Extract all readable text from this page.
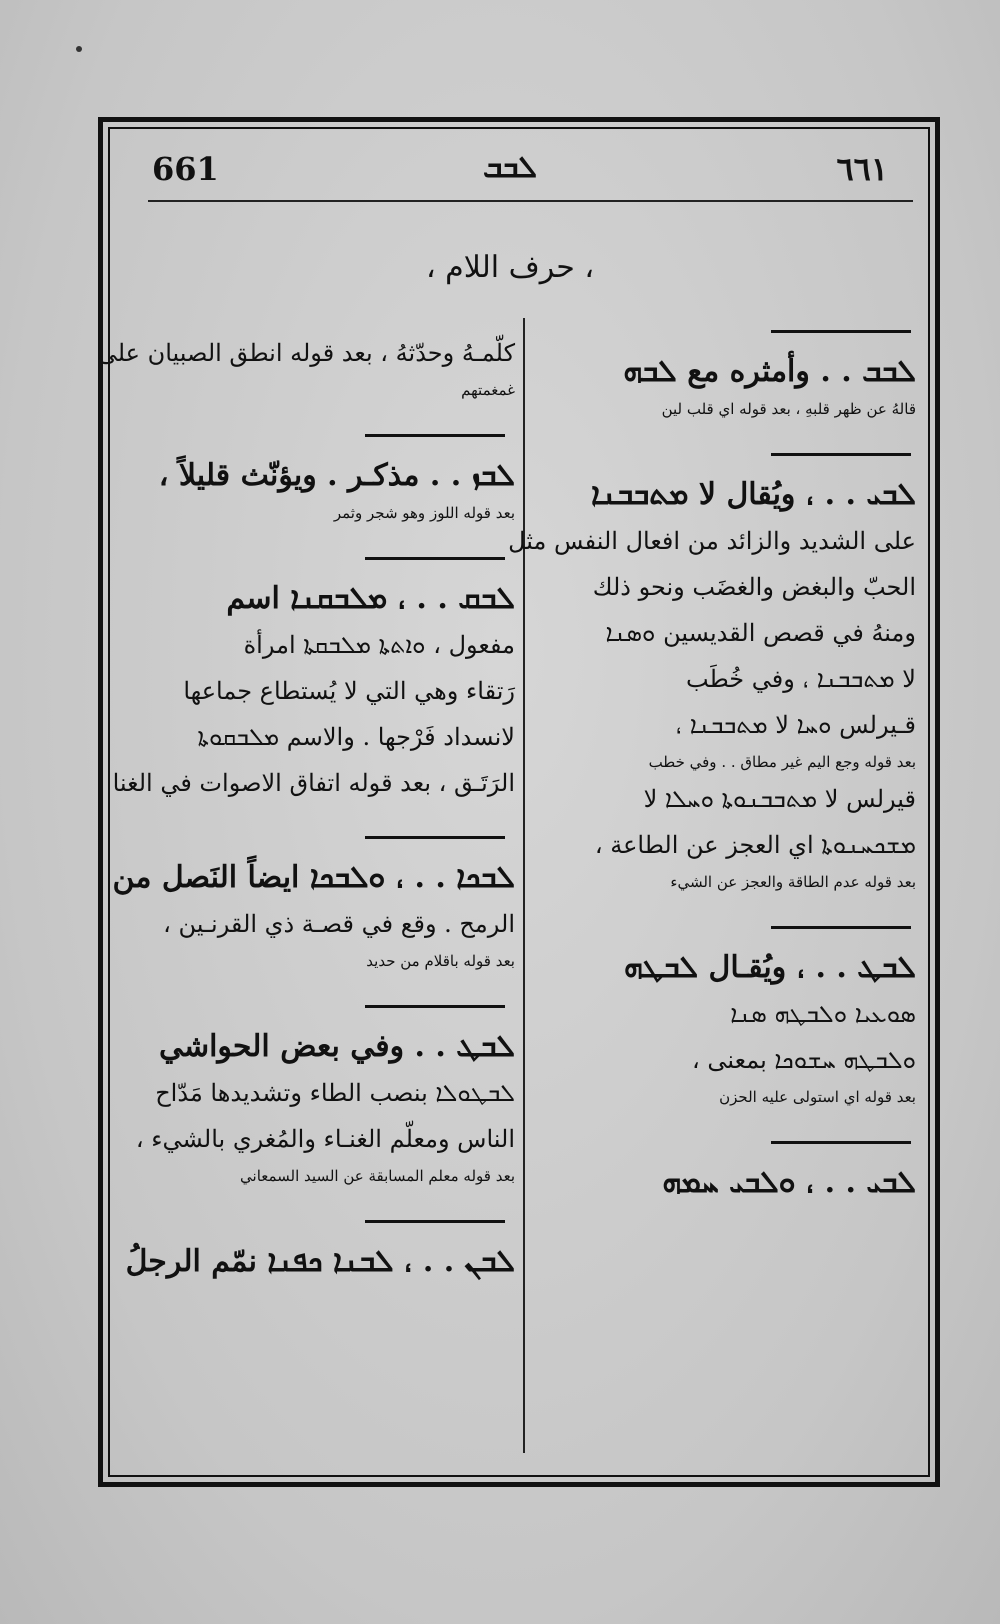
661	ܠܒܒ	٦٦١
، حرف اللام ،
ܠܒܒ . . وأمثره مع ܠܒܗ
قالهُ عن ظهر قلبهِ ، بعد قوله اي قلب لين
ܠܒܝ . . ، ويُقال لا ܡܬܒܒܢܐ
على الشديد والزائد من افعال النفس مثل
الحبّ والبغض والغضَب ونحو ذلك
ومنهُ في قصص القديسين ܘܣܢܐ
لا ܡܬܒܒܢܐ ، وفي خُطَب
قـيرلس ܘܚܐ لا ܡܬܒܒܢܐ ،
بعد قوله وجع اليم غير مطاق . . وفي خطب
قيرلس لا ܡܬܒܒܢܘܬܐ ܘܚܠܐ لا
ܡܫܟܚܢܘܬܐ اي العجز عن الطاعة ،
بعد قوله عدم الطاقة والعجز عن الشيء
ܠܒܛ . . ، ويُقـال ܠܒܛܗ
ܣܘܥܝܐ ܘܠܒܛܗ ܣܢܐ
ܘܠܒܛܗ ܚܫܘܟܐ بمعنى ،
بعد قوله اي استولى عليه الحزن
ܠܒܝ . . ، ܘܠܒܝ ܚܡܗ
كلّمـهُ وحدّثهُ ، بعد قوله انطق الصبيان على
غمغمتهم
ܠܒܙ . . مذكـر . ويؤنّث قليلاً ،
بعد قوله اللوز وهو شجر وثمر
ܠܒܩ . . ، ܡܠܒܩܢܐ اسم
مفعول ، ܘܐܬܬܐ ܡܠܒܩܬܐ امرأة
رَتقاء وهي التي لا يُستطاع جماعها
لانسداد فَرْجها . والاسم ܡܠܒܩܘܬܐ
الرَتَـق ، بعد قوله اتفاق الاصوات في الغنا
ܠܒܟܐ . . ، ܘܠܒܟܐ ايضاً النَصل من
الرمح . وقع في قصـة ذي القرنـين ،
بعد قوله باقلام من حديد
ܠܒܛ . . وفي بعض الحواشي
ܠܒܛܘܠܐ بنصب الطاء وتشديدها مَدّاح
الناس ومعلّم الغنـاء والمُغري بالشيء ،
بعد قوله معلم المسابقة عن السيد السمعاني
ܠܒܢ . . ، ܠܒܢܐ ܟܦܢܐ نمّم الرجلُ
